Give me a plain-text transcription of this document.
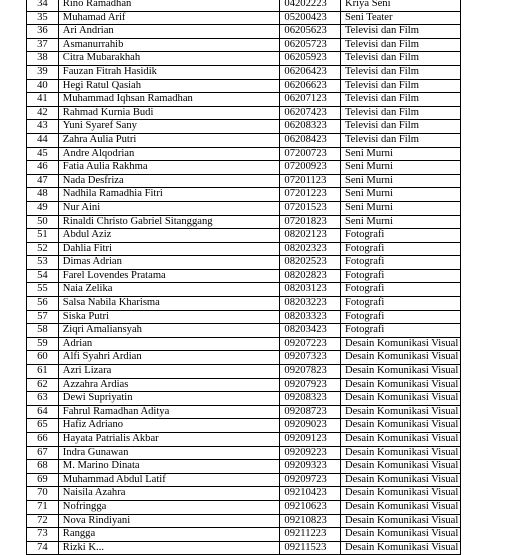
34	Rino Ramadhan	04202223	Kriya Seni
35	Muhamad Arif	05200423	Seni Teater
36	Ari Andrian	06205623	Televisi dan Film
37	Asmanurrahib	06205723	Televisi dan Film
38	Citra Mubarakhah	06205923	Televisi dan Film
39	Fauzan Fitrah Hasidik	06206423	Televisi dan Film
40	Hegi Ratul Qasiah	06206623	Televisi dan Film
41	Muhammad Iqhsan Ramadhan	06207123	Televisi dan Film
42	Rahmad Kurnia Budi	06207423	Televisi dan Film
43	Yuni Syaref Sany	06208323	Televisi dan Film
44	Zahra Aulia Putri	06208423	Televisi dan Film
45	Andre Alqodrian	07200723	Seni Murni
46	Fatia Aulia Rakhma	07200923	Seni Murni
47	Nada Desfriza	07201123	Seni Murni
48	Nadhila Ramadhia Fitri	07201223	Seni Murni
49	Nur Aini	07201523	Seni Murni
50	Rinaldi Christo Gabriel Sitanggang	07201823	Seni Murni
51	Abdul Aziz	08202123	Fotografi
52	Dahlia Fitri	08202323	Fotografi
53	Dimas Adrian	08202523	Fotografi
54	Farel Lovendes Pratama	08202823	Fotografi
55	Naia Zelika	08203123	Fotografi
56	Salsa Nabila Kharisma	08203223	Fotografi
57	Siska Putri	08203323	Fotografi
58	Ziqri Amaliansyah	08203423	Fotografi
59	Adrian	09207223	Desain Komunikasi Visual
60	Alfi Syahri Ardian	09207323	Desain Komunikasi Visual
61	Azri Lizara	09207823	Desain Komunikasi Visual
62	Azzahra Ardias	09207923	Desain Komunikasi Visual
63	Dewi Supriyatin	09208323	Desain Komunikasi Visual
64	Fahrul Ramadhan Aditya	09208723	Desain Komunikasi Visual
65	Hafiz Adriano	09209023	Desain Komunikasi Visual
66	Hayata Patrialis Akbar	09209123	Desain Komunikasi Visual
67	Indra Gunawan	09209223	Desain Komunikasi Visual
68	M. Marino Dinata	09209323	Desain Komunikasi Visual
69	Muhammad Abdul Latif	09209723	Desain Komunikasi Visual
70	Naisila Azahra	09210423	Desain Komunikasi Visual
71	Nofringga	09210623	Desain Komunikasi Visual
72	Nova Rindiyani	09210823	Desain Komunikasi Visual
73	Rangga	09211223	Desain Komunikasi Visual
74	Rizki K...	09211523	Desain Komunikasi Visual
